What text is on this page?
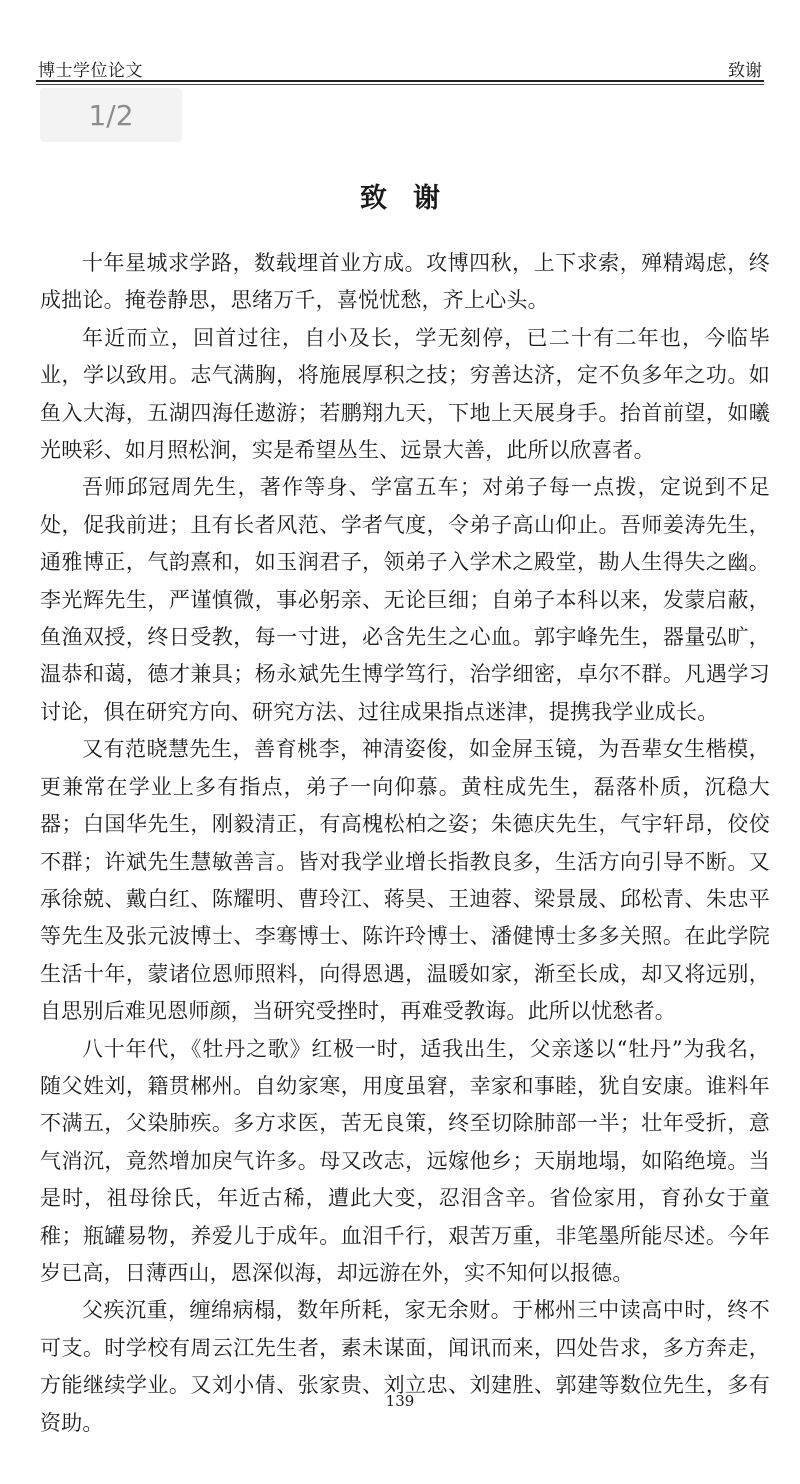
博士学位论文	致谢
1/2
致谢

十年星城求学路，数载埋首业方成。攻博四秋，上下求索，殚精竭虑，终成拙论。掩卷静思，思绪万千，喜悦忧愁，齐上心头。

年近而立，回首过往，自小及长，学无刻停，已二十有二年也，今临毕业，学以致用。志气满胸，将施展厚积之技；穷善达济，定不负多年之功。如鱼入大海，五湖四海任遨游；若鹏翔九天，下地上天展身手。抬首前望，如曦光映彩、如月照松涧，实是希望丛生、远景大善，此所以欣喜者。

吾师邱冠周先生，著作等身、学富五车；对弟子每一点拨，定说到不足处，促我前进；且有长者风范、学者气度，令弟子高山仰止。吾师姜涛先生，通雅博正，气韵熹和，如玉润君子，领弟子入学术之殿堂，勘人生得失之幽。李光辉先生，严谨慎微，事必躬亲、无论巨细；自弟子本科以来，发蒙启蔽，鱼渔双授，终日受教，每一寸进，必含先生之心血。郭宇峰先生，器量弘旷，温恭和蔼，德才兼具；杨永斌先生博学笃行，治学细密，卓尔不群。凡遇学习讨论，俱在研究方向、研究方法、过往成果指点迷津，提携我学业成长。

又有范晓慧先生，善育桃李，神清姿俊，如金屏玉镜，为吾辈女生楷模，更兼常在学业上多有指点，弟子一向仰慕。黄柱成先生，磊落朴质，沉稳大器；白国华先生，刚毅清正，有高槐松柏之姿；朱德庆先生，气宇轩昂，佼佼不群；许斌先生慧敏善言。皆对我学业增长指教良多，生活方向引导不断。又承徐兢、戴白红、陈耀明、曹玲江、蒋昊、王迪蓉、梁景晟、邱松青、朱忠平等先生及张元波博士、李骞博士、陈许玲博士、潘健博士多多关照。在此学院生活十年，蒙诸位恩师照料，向得恩遇，温暖如家，渐至长成，却又将远别，自思别后难见恩师颜，当研究受挫时，再难受教诲。此所以忧愁者。

八十年代，《牡丹之歌》红极一时，适我出生，父亲遂以“牡丹”为我名，随父姓刘，籍贯郴州。自幼家寒，用度虽窘，幸家和事睦，犹自安康。谁料年不满五，父染肺疾。多方求医，苦无良策，终至切除肺部一半；壮年受折，意气消沉，竟然增加戾气许多。母又改志，远嫁他乡；天崩地塌，如陷绝境。当是时，祖母徐氏，年近古稀，遭此大变，忍泪含辛。省俭家用，育孙女于童稚；瓶罐易物，养爱儿于成年。血泪千行，艰苦万重，非笔墨所能尽述。今年岁已高，日薄西山，恩深似海，却远游在外，实不知何以报德。

父疾沉重，缠绵病榻，数年所耗，家无余财。于郴州三中读高中时，终不可支。时学校有周云江先生者，素未谋面，闻讯而来，四处告求，多方奔走，方能继续学业。又刘小倩、张家贵、刘立忠、刘建胜、郭建等数位先生，多有资助。

139
